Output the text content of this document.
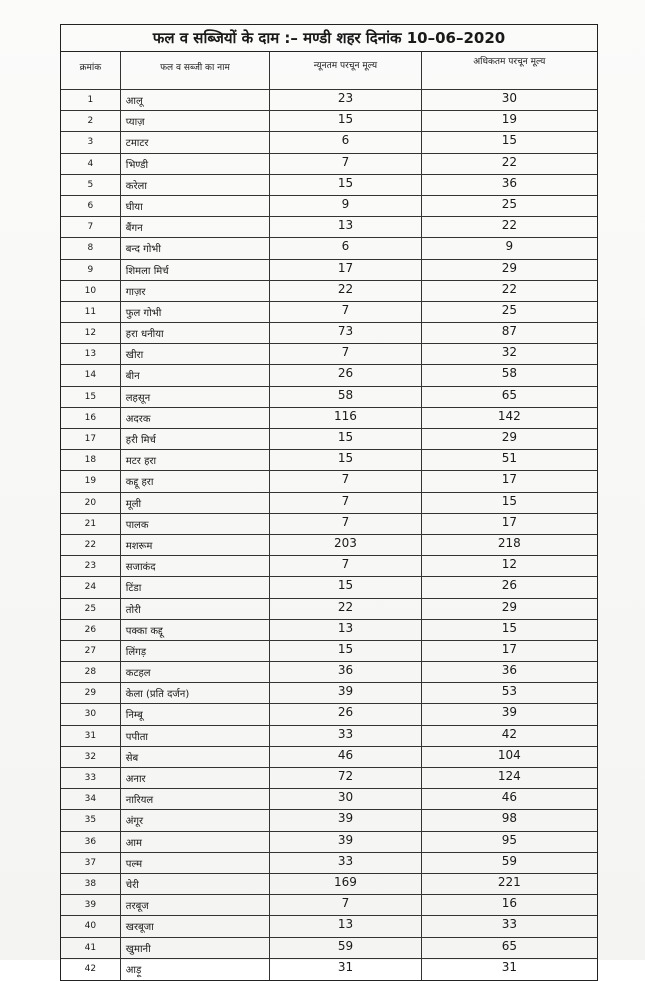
फल व सब्जियों के दाम :– मण्डी शहर दिनांक 10–06–2020
क्रमांक	फल व सब्जी का नाम	न्यूनतम परचून मूल्य	अधिकतम परचून मूल्य
1	आलू	23	30
2	प्याज़	15	19
3	टमाटर	6	15
4	भिण्डी	7	22
5	करेला	15	36
6	घीया	9	25
7	बैंगन	13	22
8	बन्द गोभी	6	9
9	शिमला मिर्च	17	29
10	गाज़र	22	22
11	फुल गोभी	7	25
12	हरा धनीया	73	87
13	खीरा	7	32
14	बीन	26	58
15	लहसून	58	65
16	अदरक	116	142
17	हरी मिर्च	15	29
18	मटर हरा	15	51
19	कद्दू हरा	7	17
20	मूली	7	15
21	पालक	7	17
22	मशरूम	203	218
23	सजाकंद	7	12
24	टिंडा	15	26
25	तोरी	22	29
26	पक्का कद्दू	13	15
27	लिंगड़	15	17
28	कटहल	36	36
29	केला (प्रति दर्जन)	39	53
30	निम्बू	26	39
31	पपीता	33	42
32	सेब	46	104
33	अनार	72	124
34	नारियल	30	46
35	अंगूर	39	98
36	आम	39	95
37	पल्म	33	59
38	चेरी	169	221
39	तरबूज	7	16
40	खरबूजा	13	33
41	खुमानी	59	65
42	आड़ू	31	31
